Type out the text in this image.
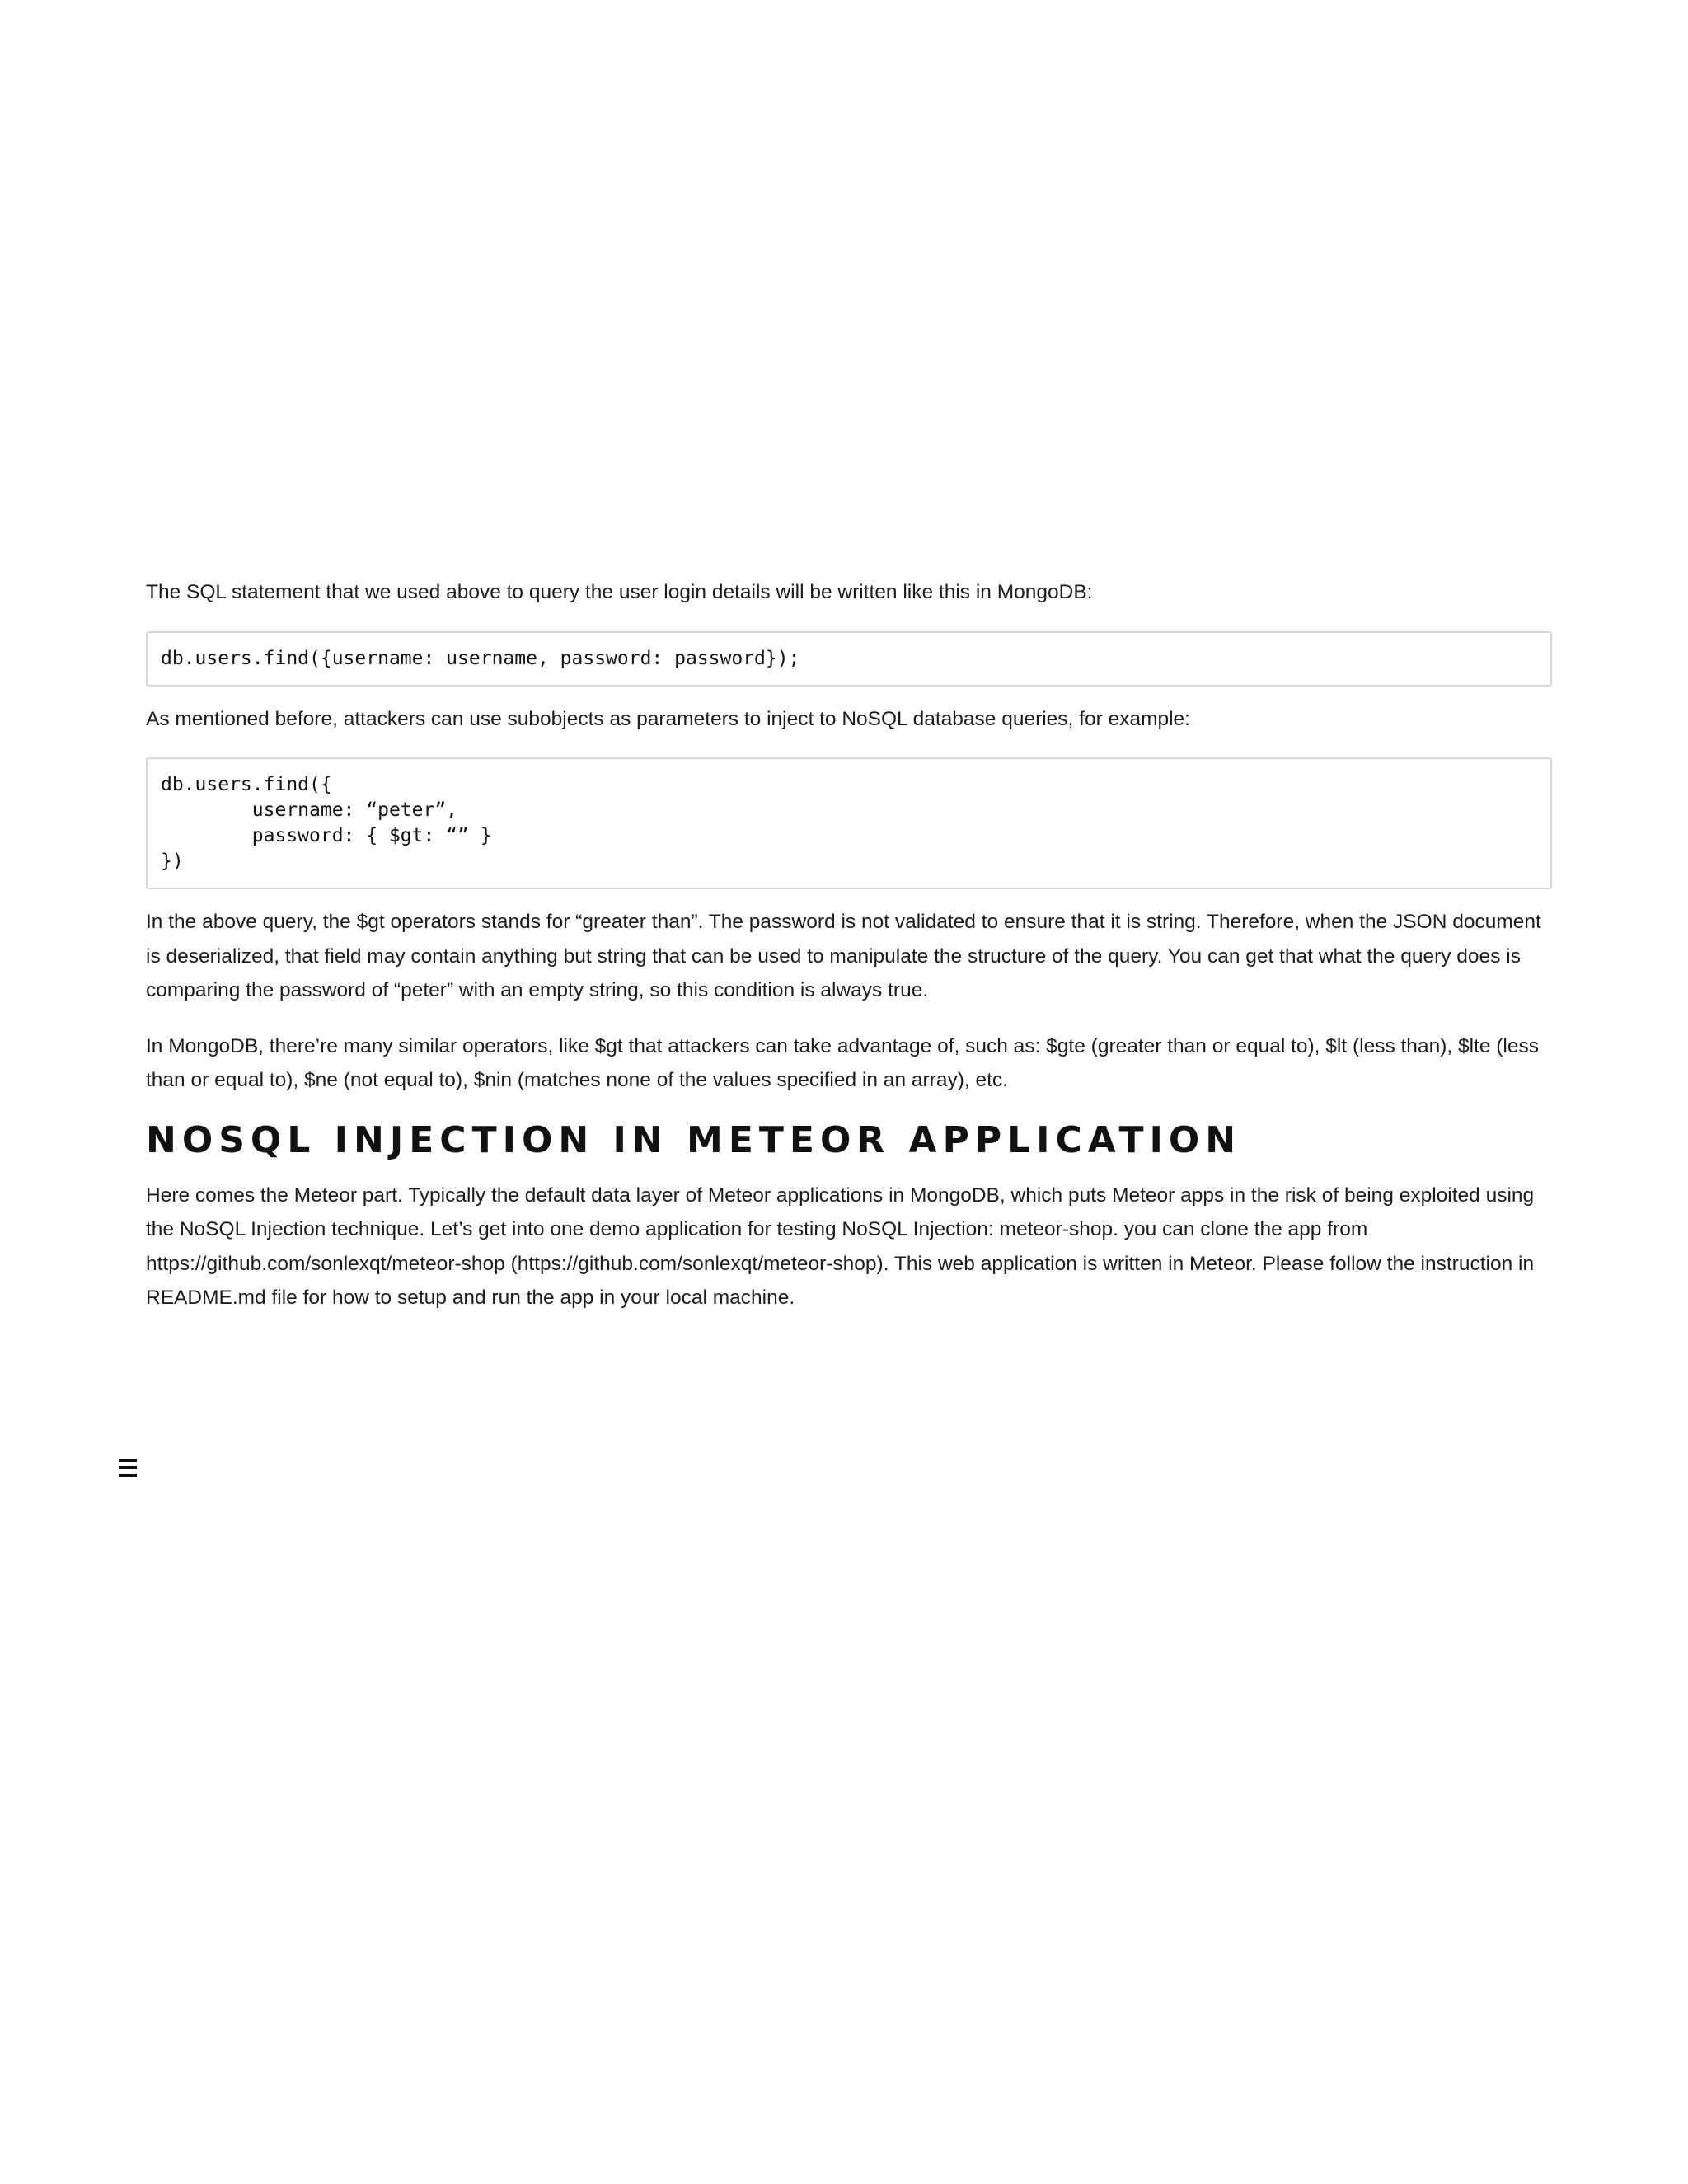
The SQL statement that we used above to query the user login details will be written like this in MongoDB:

db.users.find({username: username, password: password});

As mentioned before, attackers can use subobjects as parameters to inject to NoSQL database queries, for example:

db.users.find({
username: “peter”,
password: { $gt: “” }
})

In the above query, the $gt operators stands for “greater than”. The password is not validated to ensure that it is string. Therefore, when the JSON document is deserialized, that field may contain anything but string that can be used to manipulate the structure of the query. You can get that what the query does is comparing the password of “peter” with an empty string, so this condition is always true.

In MongoDB, there’re many similar operators, like $gt that attackers can take advantage of, such as: $gte (greater than or equal to), $lt (less than), $lte (less than or equal to), $ne (not equal to), $nin (matches none of the values specified in an array), etc.

NOSQL INJECTION IN METEOR APPLICATION

Here comes the Meteor part. Typically the default data layer of Meteor applications in MongoDB, which puts Meteor apps in the risk of being exploited using the NoSQL Injection technique. Let’s get into one demo application for testing NoSQL Injection: meteor-shop. you can clone the app from https://github.com/sonlexqt/meteor-shop (https://github.com/sonlexqt/meteor-shop). This web application is written in Meteor. Please follow the instruction in README.md file for how to setup and run the app in your local machine.
